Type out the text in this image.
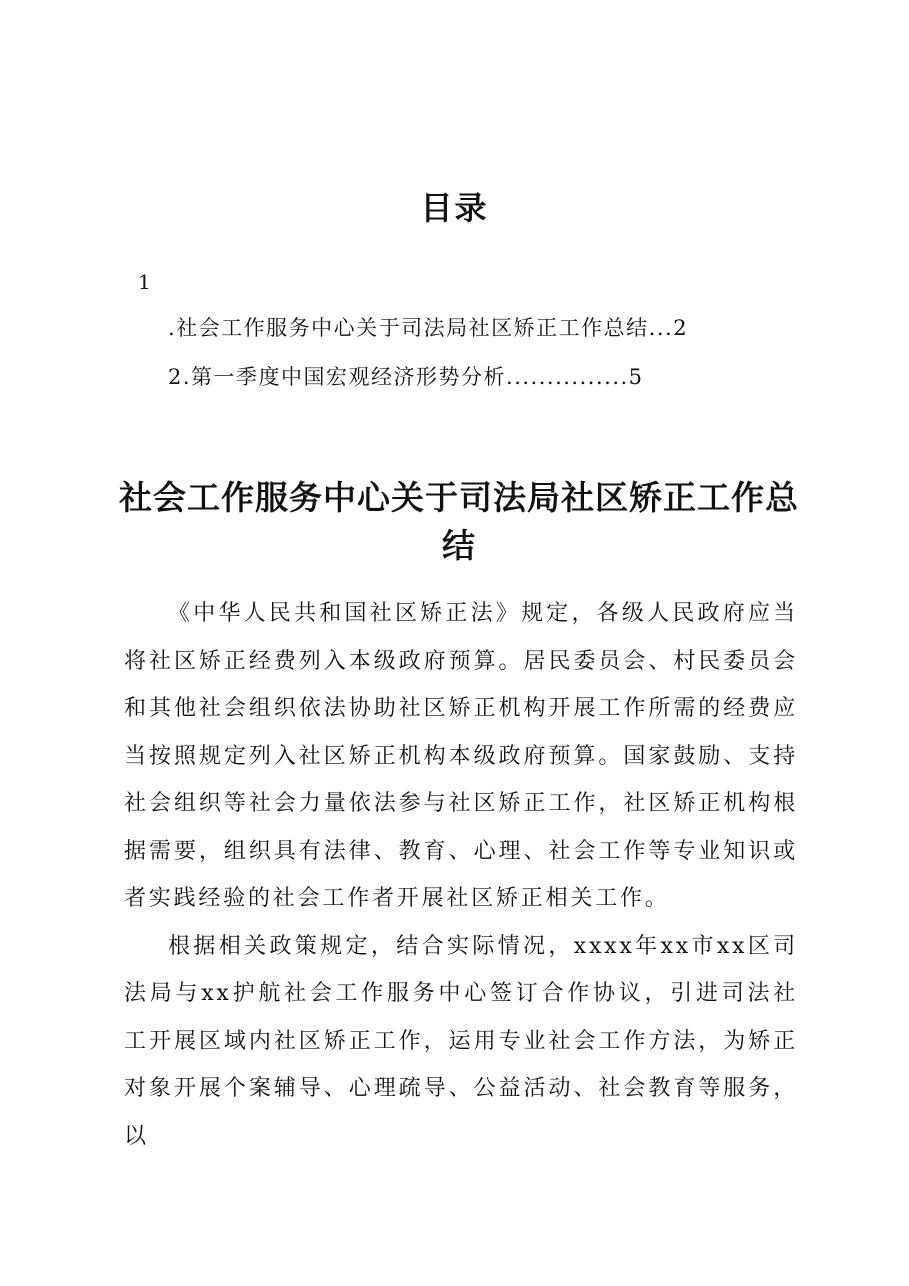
目录
1
.社会工作服务中心关于司法局社区矫正工作总结...2
2.第一季度中国宏观经济形势分析...............5
社会工作服务中心关于司法局社区矫正工作总结

《中华人民共和国社区矫正法》规定，各级人民政府应当将社区矫正经费列入本级政府预算。居民委员会、村民委员会和其他社会组织依法协助社区矫正机构开展工作所需的经费应当按照规定列入社区矫正机构本级政府预算。国家鼓励、支持社会组织等社会力量依法参与社区矫正工作，社区矫正机构根据需要，组织具有法律、教育、心理、社会工作等专业知识或者实践经验的社会工作者开展社区矫正相关工作。

根据相关政策规定，结合实际情况，xxxx年xx市xx区司法局与xx护航社会工作服务中心签订合作协议，引进司法社工开展区域内社区矫正工作，运用专业社会工作方法，为矫正对象开展个案辅导、心理疏导、公益活动、社会教育等服务，以
